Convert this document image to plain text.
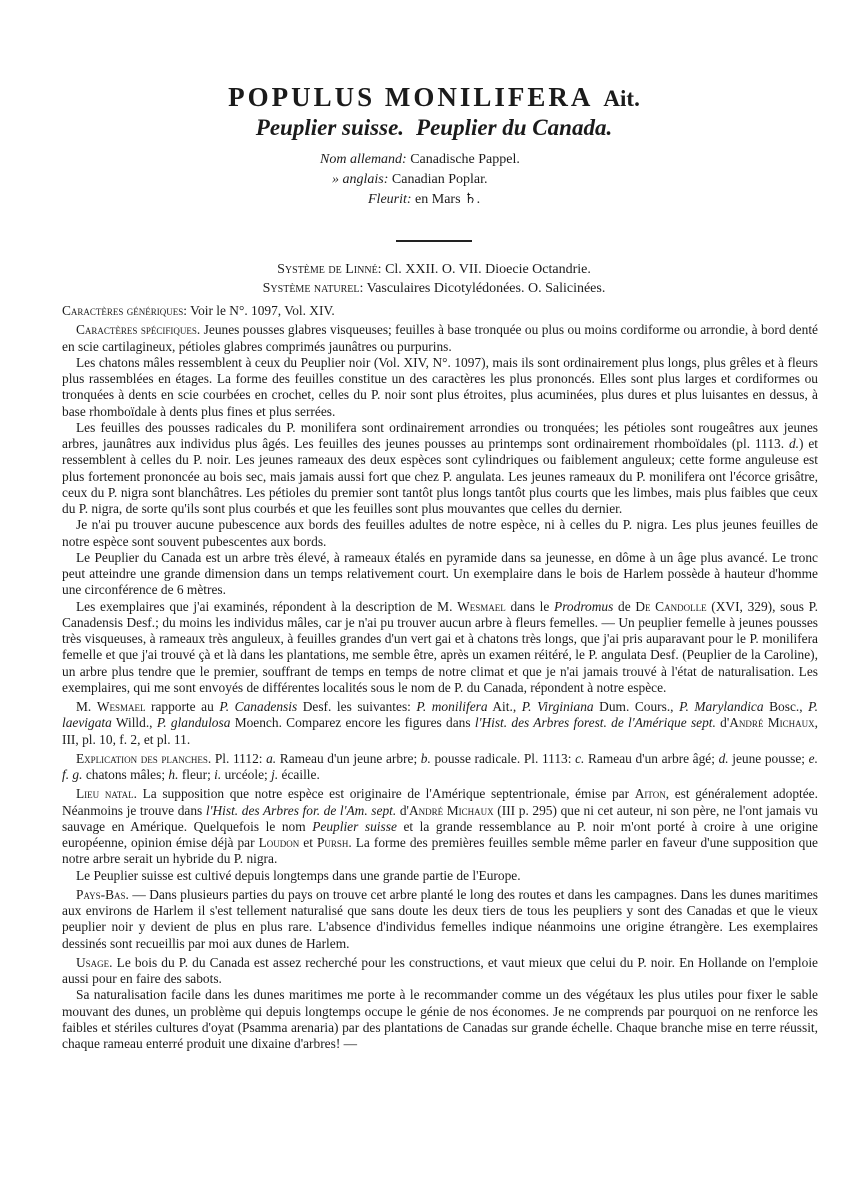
POPULUS MONILIFERA Ait.
Peuplier suisse. Peuplier du Canada.
Nom allemand: Canadische Pappel.
» anglais: Canadian Poplar.
Fleurit: en Mars ♄.
Système de Linné: Cl. XXII. O. VII. Dioecie Octandrie.
Système naturel: Vasculaires Dicotylédonées. O. Salicinées.

Caractères génériques: Voir le N°. 1097, Vol. XIV.

Caractères spécifiques. Jeunes pousses glabres visqueuses; feuilles à base tronquée ou plus ou moins cordiforme ou arrondie, à bord denté en scie cartilagineux, pétioles glabres comprimés jaunâtres ou purpurins.

Les chatons mâles ressemblent à ceux du Peuplier noir (Vol. XIV, N°. 1097), mais ils sont ordinairement plus longs, plus grêles et à fleurs plus rassemblées en étages. La forme des feuilles constitue un des caractères les plus prononcés. Elles sont plus larges et cordiformes ou tronquées à dents en scie courbées en crochet, celles du P. noir sont plus étroites, plus acuminées, plus dures et plus luisantes en dessus, à base rhomboïdale à dents plus fines et plus serrées.

Les feuilles des pousses radicales du P. monilifera sont ordinairement arrondies ou tronquées; les pétioles sont rougeâtres aux jeunes arbres, jaunâtres aux individus plus âgés. Les feuilles des jeunes pousses au printemps sont ordinairement rhomboïdales (pl. 1113. d.) et ressemblent à celles du P. noir. Les jeunes rameaux des deux espèces sont cylindriques ou faiblement anguleux; cette forme anguleuse est plus fortement prononcée au bois sec, mais jamais aussi fort que chez P. angulata. Les jeunes rameaux du P. monilifera ont l'écorce grisâtre, ceux du P. nigra sont blanchâtres. Les pétioles du premier sont tantôt plus longs tantôt plus courts que les limbes, mais plus faibles que ceux du P. nigra, de sorte qu'ils sont plus courbés et que les feuilles sont plus mouvantes que celles du dernier.

Je n'ai pu trouver aucune pubescence aux bords des feuilles adultes de notre espèce, ni à celles du P. nigra. Les plus jeunes feuilles de notre espèce sont souvent pubescentes aux bords.

Le Peuplier du Canada est un arbre très élevé, à rameaux étalés en pyramide dans sa jeunesse, en dôme à un âge plus avancé. Le tronc peut atteindre une grande dimension dans un temps relativement court. Un exemplaire dans le bois de Harlem possède à hauteur d'homme une circonférence de 6 mètres.

Les exemplaires que j'ai examinés, répondent à la description de M. Wesmael dans le Prodromus de De Candolle (XVI, 329), sous P. Canadensis Desf.; du moins les individus mâles, car je n'ai pu trouver aucun arbre à fleurs femelles. — Un peuplier femelle à jeunes pousses très visqueuses, à rameaux très anguleux, à feuilles grandes d'un vert gai et à chatons très longs, que j'ai pris auparavant pour le P. monilifera femelle et que j'ai trouvé çà et là dans les plantations, me semble être, après un examen réitéré, le P. angulata Desf. (Peuplier de la Caroline), un arbre plus tendre que le premier, souffrant de temps en temps de notre climat et que je n'ai jamais trouvé à l'état de naturalisation. Les exemplaires, qui me sont envoyés de différentes localités sous le nom de P. du Canada, répondent à notre espèce.

M. Wesmael rapporte au P. Canadensis Desf. les suivantes: P. monilifera Ait., P. Virginiana Dum. Cours., P. Marylandica Bosc., P. laevigata Willd., P. glandulosa Moench. Comparez encore les figures dans l'Hist. des Arbres forest. de l'Amérique sept. d'André Michaux, III, pl. 10, f. 2, et pl. 11.

Explication des planches. Pl. 1112: a. Rameau d'un jeune arbre; b. pousse radicale. Pl. 1113: c. Rameau d'un arbre âgé; d. jeune pousse; e. f. g. chatons mâles; h. fleur; i. urcéole; j. écaille.

Lieu natal. La supposition que notre espèce est originaire de l'Amérique septentrionale, émise par Aiton, est généralement adoptée. Néanmoins je trouve dans l'Hist. des Arbres for. de l'Am. sept. d'André Michaux (III p. 295) que ni cet auteur, ni son père, ne l'ont jamais vu sauvage en Amérique. Quelquefois le nom Peuplier suisse et la grande ressemblance au P. noir m'ont porté à croire à une origine européenne, opinion émise déjà par Loudon et Pursh. La forme des premières feuilles semble même parler en faveur d'une supposition que notre arbre serait un hybride du P. nigra.

Le Peuplier suisse est cultivé depuis longtemps dans une grande partie de l'Europe.

Pays-Bas. — Dans plusieurs parties du pays on trouve cet arbre planté le long des routes et dans les campagnes. Dans les dunes maritimes aux environs de Harlem il s'est tellement naturalisé que sans doute les deux tiers de tous les peupliers y sont des Canadas et que le vieux peuplier noir y devient de plus en plus rare. L'absence d'individus femelles indique néanmoins une origine étrangère. Les exemplaires dessinés sont recueillis par moi aux dunes de Harlem.

Usage. Le bois du P. du Canada est assez recherché pour les constructions, et vaut mieux que celui du P. noir. En Hollande on l'emploie aussi pour en faire des sabots.

Sa naturalisation facile dans les dunes maritimes me porte à le recommander comme un des végétaux les plus utiles pour fixer le sable mouvant des dunes, un problème qui depuis longtemps occupe le génie de nos économes. Je ne comprends par pourquoi on ne renforce les faibles et stériles cultures d'oyat (Psamma arenaria) par des plantations de Canadas sur grande échelle. Chaque branche mise en terre réussit, chaque rameau enterré produit une dixaine d'arbres! —
